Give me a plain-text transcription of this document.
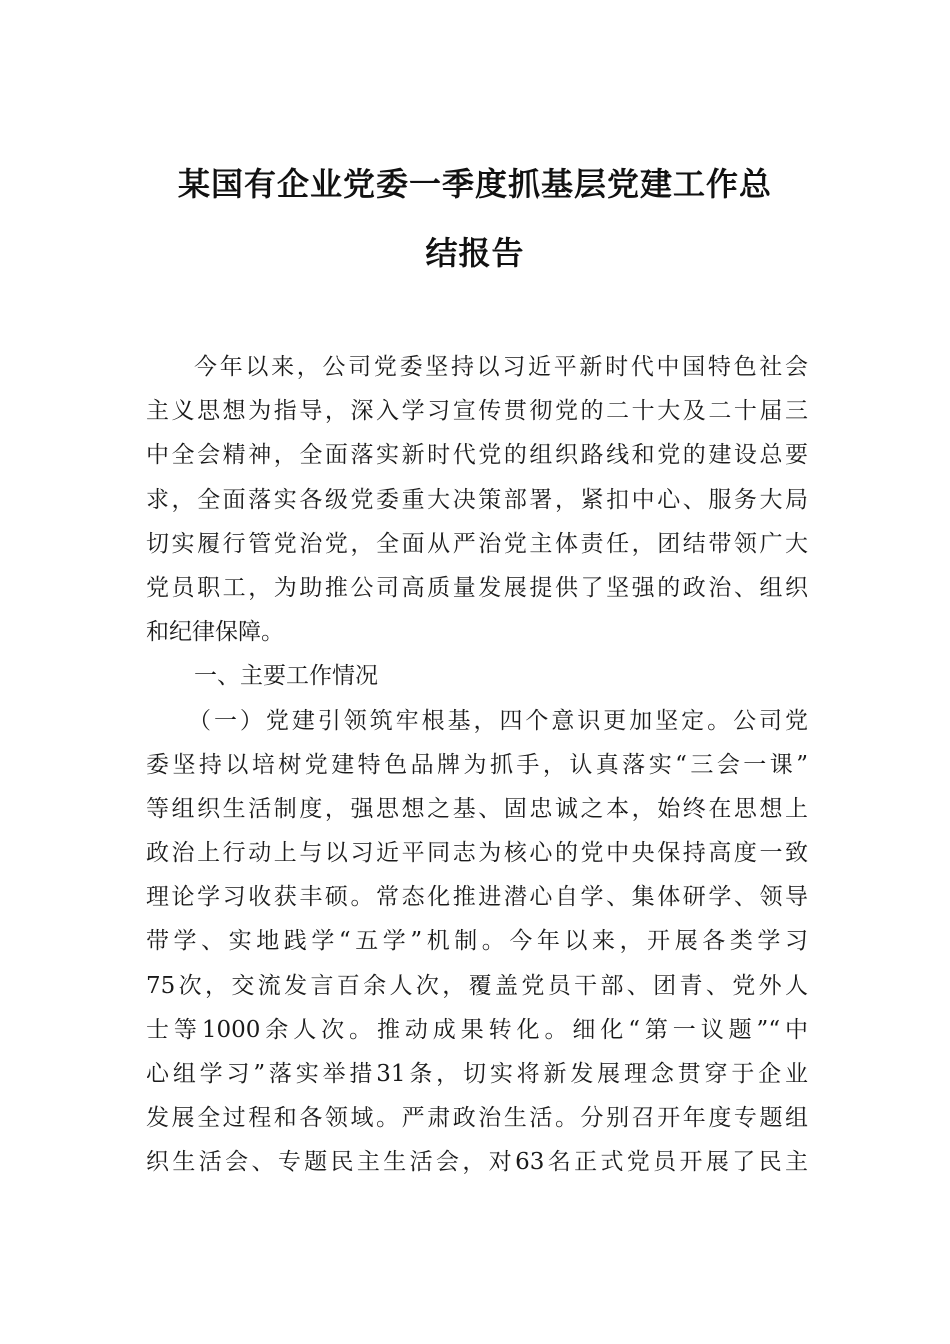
某国有企业党委一季度抓基层党建工作总
结报告
今年以来，公司党委坚持以习近平新时代中国特色社会
主义思想为指导，深入学习宣传贯彻党的二十大及二十届三
中全会精神，全面落实新时代党的组织路线和党的建设总要
求，全面落实各级党委重大决策部署，紧扣中心、服务大局
切实履行管党治党，全面从严治党主体责任，团结带领广大
党员职工，为助推公司高质量发展提供了坚强的政治、组织
和纪律保障。
一、主要工作情况
（一）党建引领筑牢根基，四个意识更加坚定。公司党
委坚持以培树党建特色品牌为抓手，认真落实“三会一课”
等组织生活制度，强思想之基、固忠诚之本，始终在思想上
政治上行动上与以习近平同志为核心的党中央保持高度一致
理论学习收获丰硕。常态化推进潜心自学、集体研学、领导
带学、实地践学“五学”机制。今年以来，开展各类学习
75次，交流发言百余人次，覆盖党员干部、团青、党外人
士等1000余人次。推动成果转化。细化“第一议题”“中
心组学习”落实举措31条，切实将新发展理念贯穿于企业
发展全过程和各领域。严肃政治生活。分别召开年度专题组
织生活会、专题民主生活会，对63名正式党员开展了民主
